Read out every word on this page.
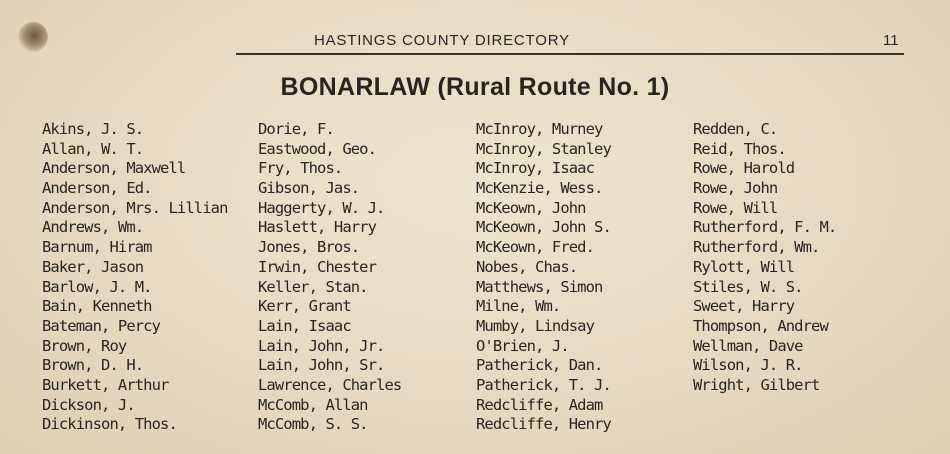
HASTINGS COUNTY DIRECTORY	11
BONARLAW (Rural Route No. 1)
Akins, J. S.
Allan, W. T.
Anderson, Maxwell
Anderson, Ed.
Anderson, Mrs. Lillian
Andrews, Wm.
Barnum, Hiram
Baker, Jason
Barlow, J. M.
Bain, Kenneth
Bateman, Percy
Brown, Roy
Brown, D. H.
Burkett, Arthur
Dickson, J.
Dickinson, Thos.
Dorie, F.
Eastwood, Geo.
Fry, Thos.
Gibson, Jas.
Haggerty, W. J.
Haslett, Harry
Jones, Bros.
Irwin, Chester
Keller, Stan.
Kerr, Grant
Lain, Isaac
Lain, John, Jr.
Lain, John, Sr.
Lawrence, Charles
McComb, Allan
McComb, S. S.
McInroy, Murney
McInroy, Stanley
McInroy, Isaac
McKenzie, Wess.
McKeown, John
McKeown, John S.
McKeown, Fred.
Nobes, Chas.
Matthews, Simon
Milne, Wm.
Mumby, Lindsay
O'Brien, J.
Patherick, Dan.
Patherick, T. J.
Redcliffe, Adam
Redcliffe, Henry
Redden, C.
Reid, Thos.
Rowe, Harold
Rowe, John
Rowe, Will
Rutherford, F. M.
Rutherford, Wm.
Rylott, Will
Stiles, W. S.
Sweet, Harry
Thompson, Andrew
Wellman, Dave
Wilson, J. R.
Wright, Gilbert
